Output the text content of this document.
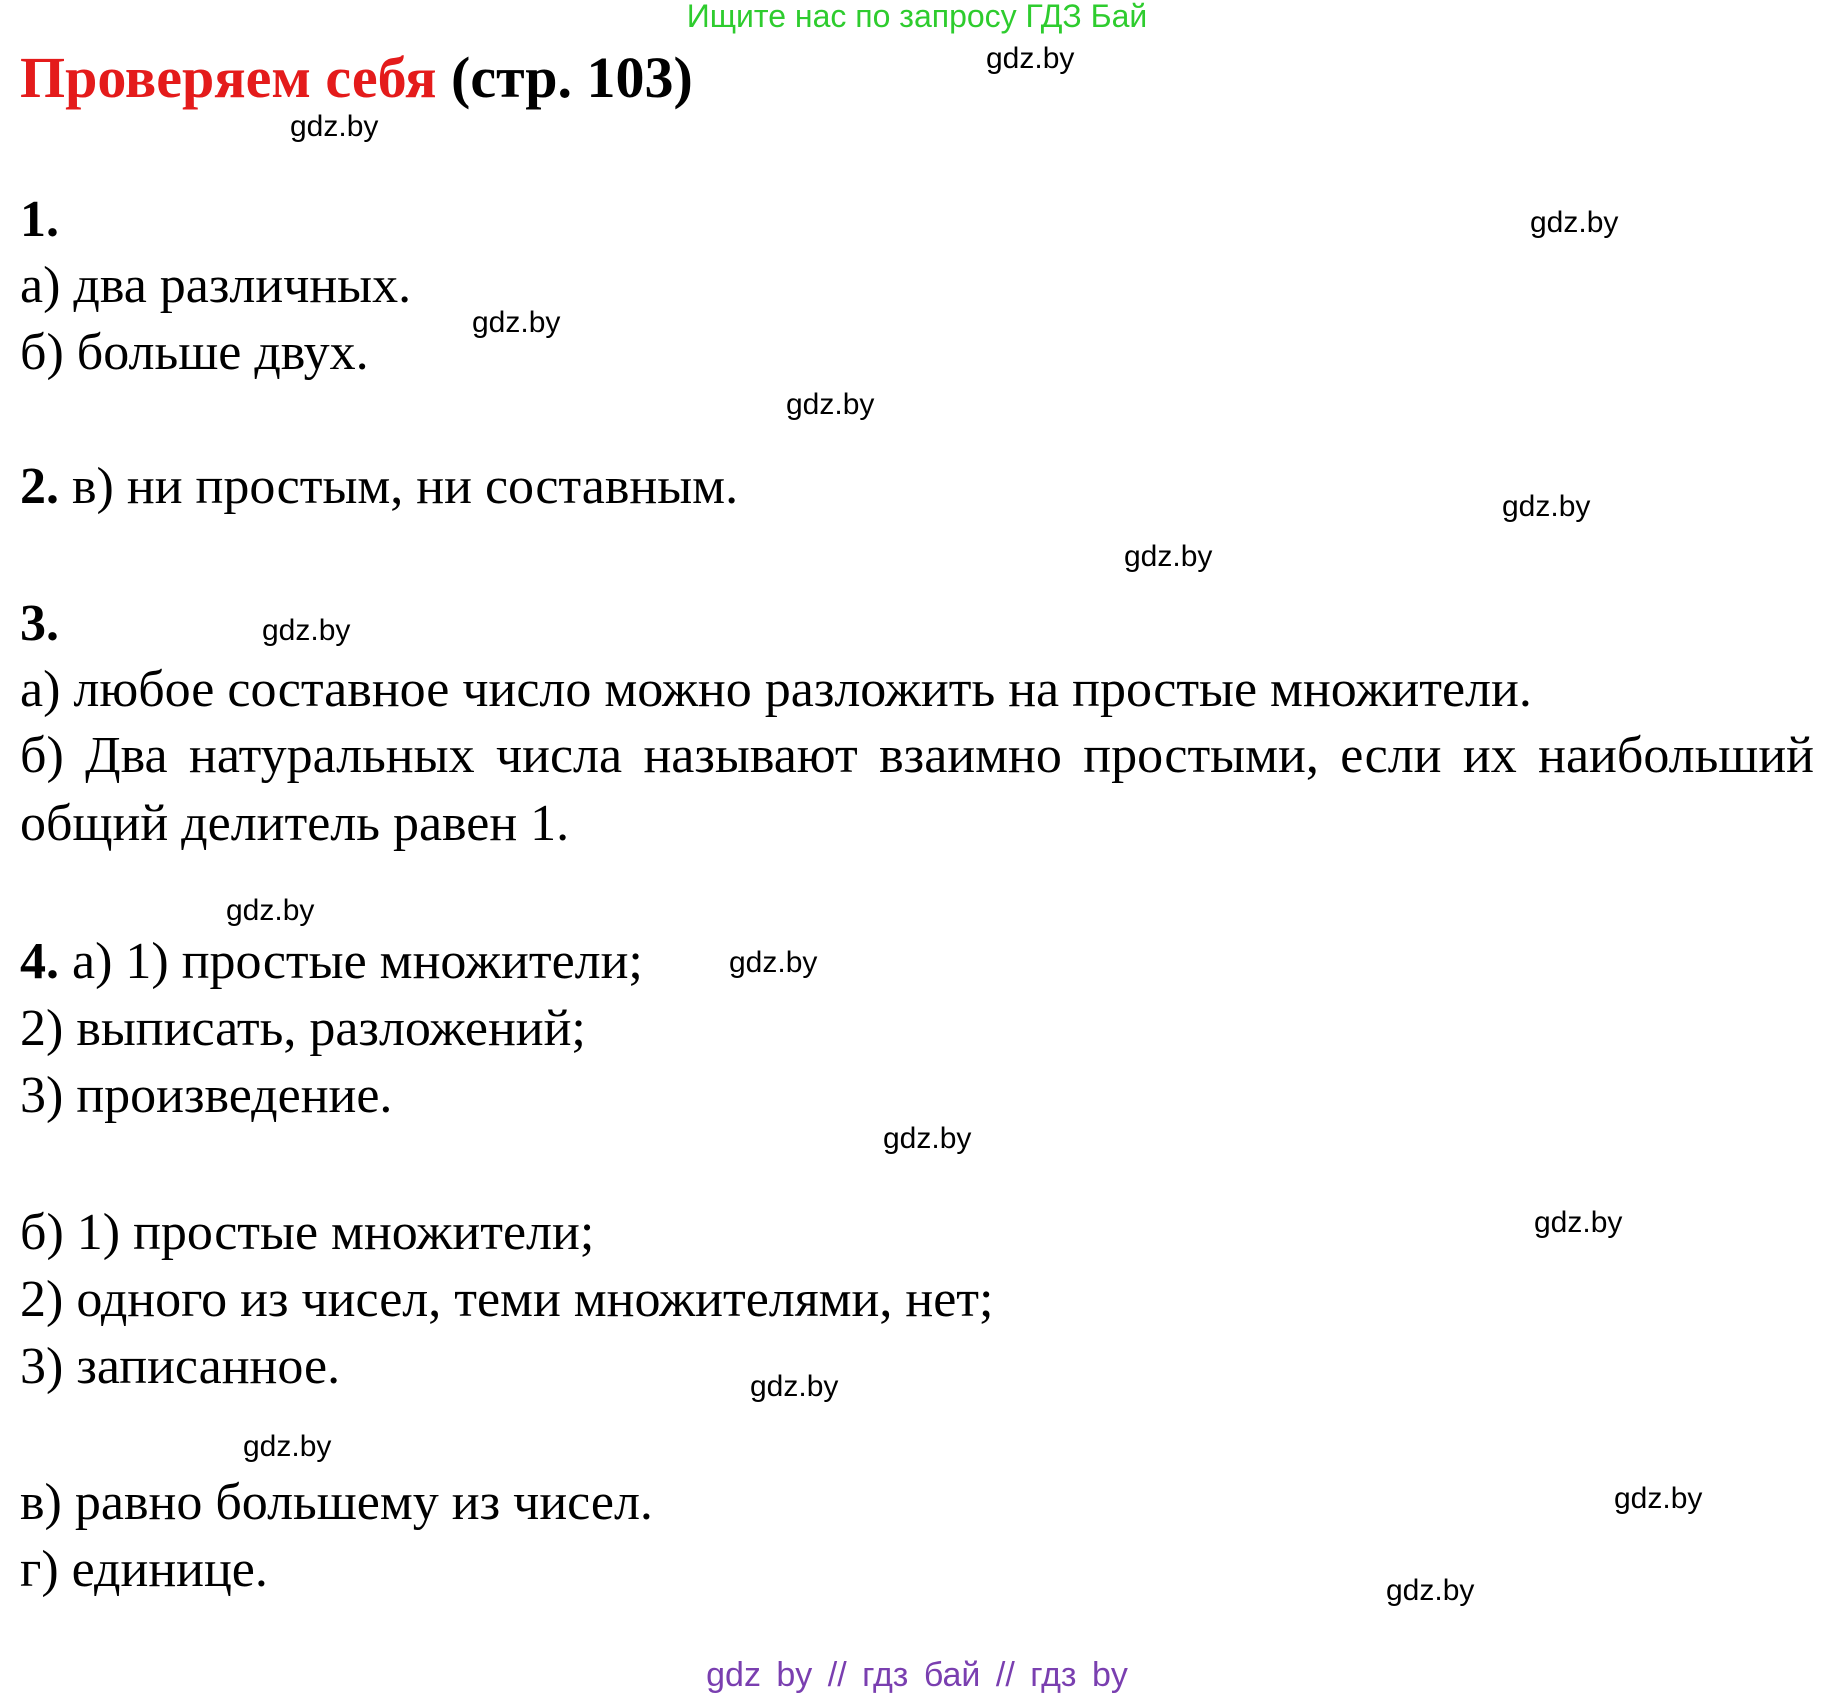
Ищите нас по запросу ГДЗ Бай
Проверяем себя (стр. 103)
1.
а) два различных.
б) больше двух.
2. в) ни простым, ни составным.
3.
а) любое составное число можно разложить на простые множители.
б) Два натуральных числа называют взаимно простыми, если их наибольший общий делитель равен 1.
4. а) 1) простые множители;
2) выписать, разложений;
3) произведение.
б) 1) простые множители;
2) одного из чисел, теми множителями, нет;
3) записанное.
в) равно большему из чисел.
г) единице.
gdz.by
gdz.by
gdz.by
gdz.by
gdz.by
gdz.by
gdz.by
gdz.by
gdz.by
gdz.by
gdz.by
gdz.by
gdz.by
gdz.by
gdz.by
gdz.by
gdz by // гдз бай // гдз by
